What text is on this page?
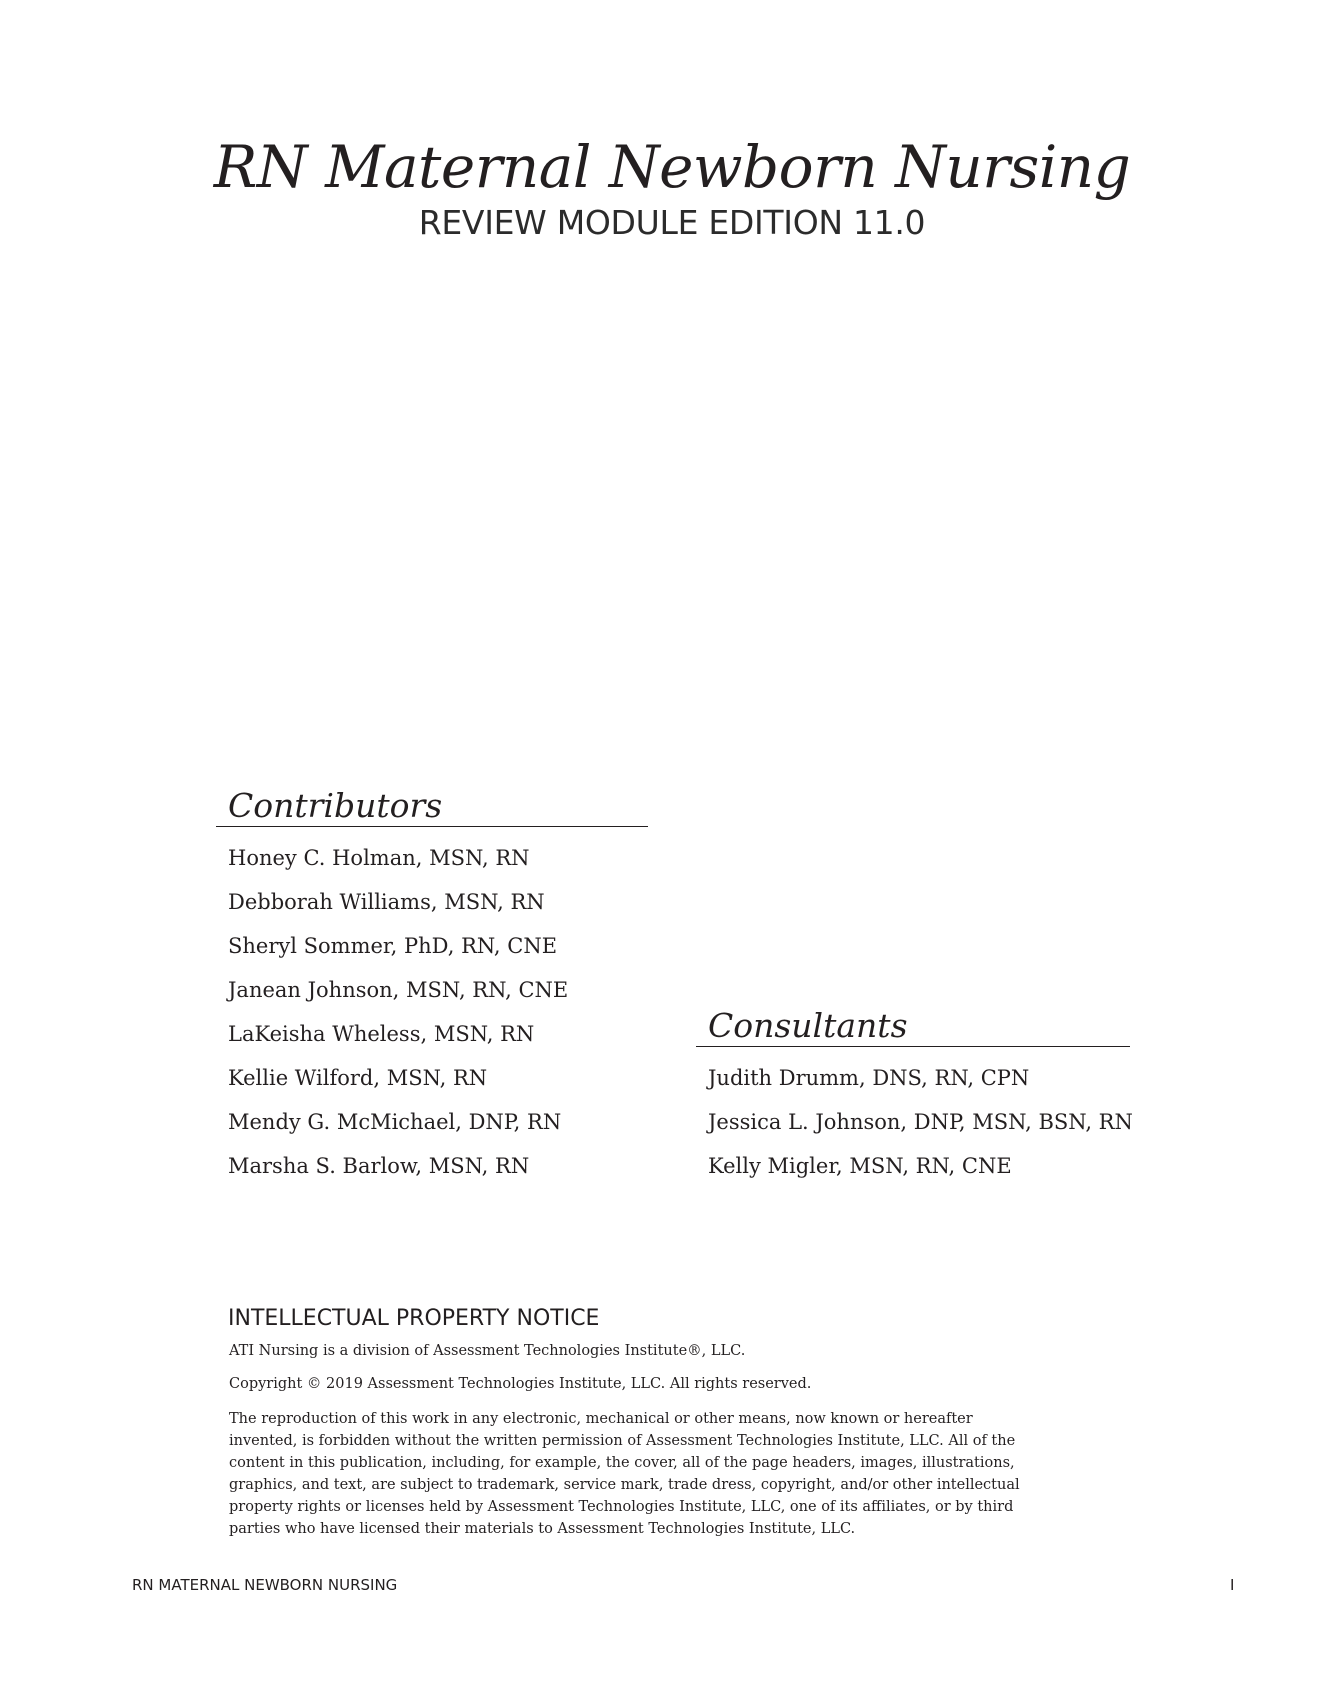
RN Maternal Newborn Nursing
REVIEW MODULE EDITION 11.0
Contributors
Honey C. Holman, MSN, RN
Debborah Williams, MSN, RN
Sheryl Sommer, PhD, RN, CNE
Janean Johnson, MSN, RN, CNE
LaKeisha Wheless, MSN, RN
Kellie Wilford, MSN, RN
Mendy G. McMichael, DNP, RN
Marsha S. Barlow, MSN, RN
Consultants
Judith Drumm, DNS, RN, CPN
Jessica L. Johnson, DNP, MSN, BSN, RN
Kelly Migler, MSN, RN, CNE
INTELLECTUAL PROPERTY NOTICE

ATI Nursing is a division of Assessment Technologies Institute®, LLC.

Copyright © 2019 Assessment Technologies Institute, LLC. All rights reserved.

The reproduction of this work in any electronic, mechanical or other means, now known or hereafter invented, is forbidden without the written permission of Assessment Technologies Institute, LLC. All of the content in this publication, including, for example, the cover, all of the page headers, images, illustrations, graphics, and text, are subject to trademark, service mark, trade dress, copyright, and/or other intellectual property rights or licenses held by Assessment Technologies Institute, LLC, one of its affiliates, or by third parties who have licensed their materials to Assessment Technologies Institute, LLC.

RN MATERNAL NEWBORN NURSING	I
